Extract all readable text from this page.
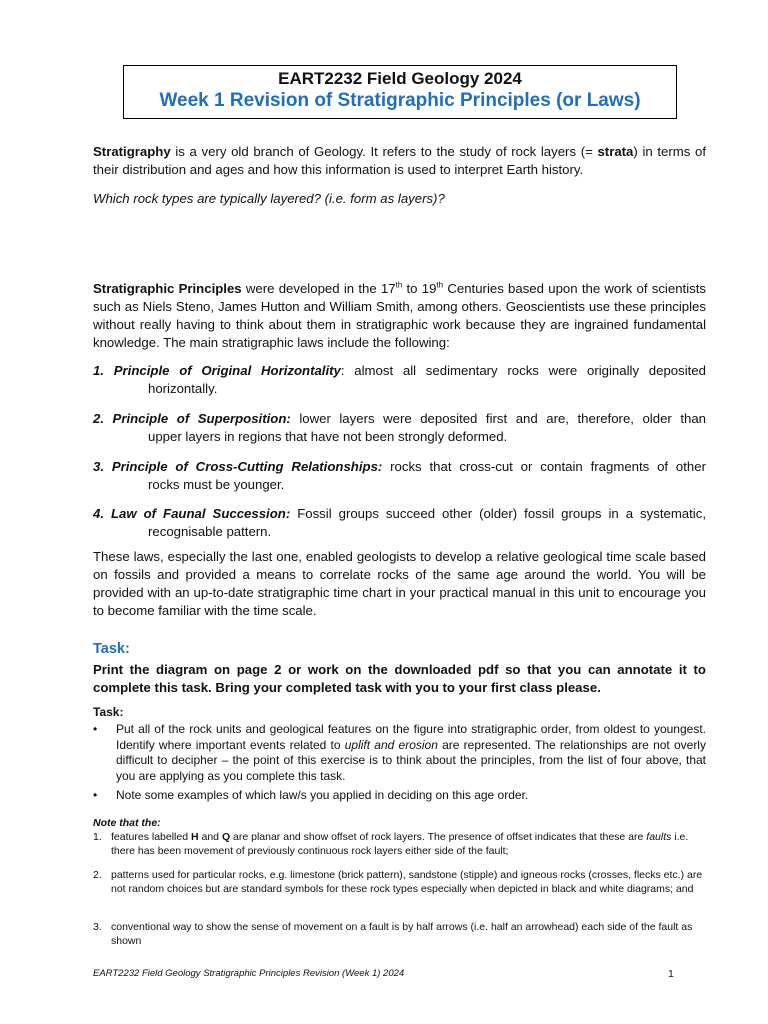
EART2232 Field Geology 2024
Week 1 Revision of Stratigraphic Principles (or Laws)
Stratigraphy is a very old branch of Geology. It refers to the study of rock layers (= strata) in terms of their distribution and ages and how this information is used to interpret Earth history.
Which rock types are typically layered? (i.e. form as layers)?
Stratigraphic Principles were developed in the 17th to 19th Centuries based upon the work of scientists such as Niels Steno, James Hutton and William Smith, among others. Geoscientists use these principles without really having to think about them in stratigraphic work because they are ingrained fundamental knowledge. The main stratigraphic laws include the following:
1. Principle of Original Horizontality: almost all sedimentary rocks were originally deposited
horizontally.
2. Principle of Superposition: lower layers were deposited first and are, therefore, older than
upper layers in regions that have not been strongly deformed.
3. Principle of Cross-Cutting Relationships: rocks that cross-cut or contain fragments of other
rocks must be younger.
4. Law of Faunal Succession: Fossil groups succeed other (older) fossil groups in a systematic,
recognisable pattern.
These laws, especially the last one, enabled geologists to develop a relative geological time scale based on fossils and provided a means to correlate rocks of the same age around the world. You will be provided with an up-to-date stratigraphic time chart in your practical manual in this unit to encourage you to become familiar with the time scale.
Task:
Print the diagram on page 2 or work on the downloaded pdf so that you can annotate it to complete this task. Bring your completed task with you to your first class please.
Task:
• Put all of the rock units and geological features on the figure into stratigraphic order, from oldest to youngest. Identify where important events related to uplift and erosion are represented. The relationships are not overly difficult to decipher – the point of this exercise is to think about the principles, from the list of four above, that you are applying as you complete this task.
• Note some examples of which law/s you applied in deciding on this age order.
Note that the:
1. features labelled H and Q are planar and show offset of rock layers. The presence of offset indicates that these are faults i.e. there has been movement of previously continuous rock layers either side of the fault;
2. patterns used for particular rocks, e.g. limestone (brick pattern), sandstone (stipple) and igneous rocks (crosses, flecks etc.) are not random choices but are standard symbols for these rock types especially when depicted in black and white diagrams; and
3. conventional way to show the sense of movement on a fault is by half arrows (i.e. half an arrowhead) each side of the fault as shown
EART2232 Field Geology Stratigraphic Principles Revision (Week 1) 2024	1
